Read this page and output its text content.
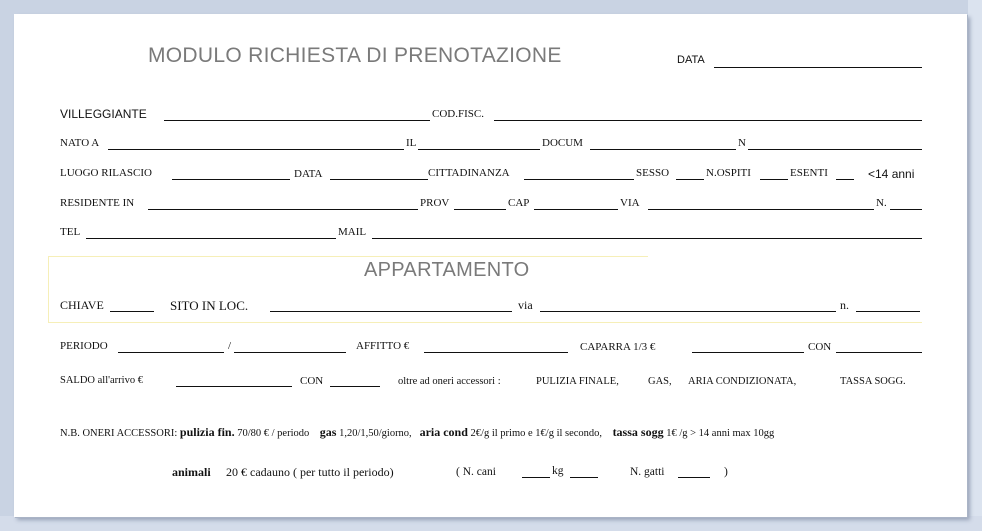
MODULO RICHIESTA DI PRENOTAZIONE	DATA
VILLEGGIANTE	COD.FISC.
NATO A	IL	DOCUM	N
LUOGO RILASCIO	DATA	CITTADINANZA	SESSO	N.OSPITI	ESENTI	<14 anni
RESIDENTE IN	PROV	CAP	VIA	N.
TEL	MAIL
APPARTAMENTO
CHIAVE	SITO IN LOC.	via	n.
PERIODO	/	AFFITTO €	CAPARRA 1/3 €	CON
SALDO all'arrivo €	CON	oltre ad oneri accessori :	PULIZIA FINALE,	GAS, ARIA CONDIZIONATA,	TASSA SOGG.
N.B. ONERI ACCESSORI: pulizia fin. 70/80 € / periodo gas 1,20/1,50/giorno, aria cond 2€/g il primo e 1€/g il secondo, tassa sogg 1€ /g > 14 anni max 10gg
animali 20 € cadauno ( per tutto il periodo)	( N. cani	kg	N. gatti	)
